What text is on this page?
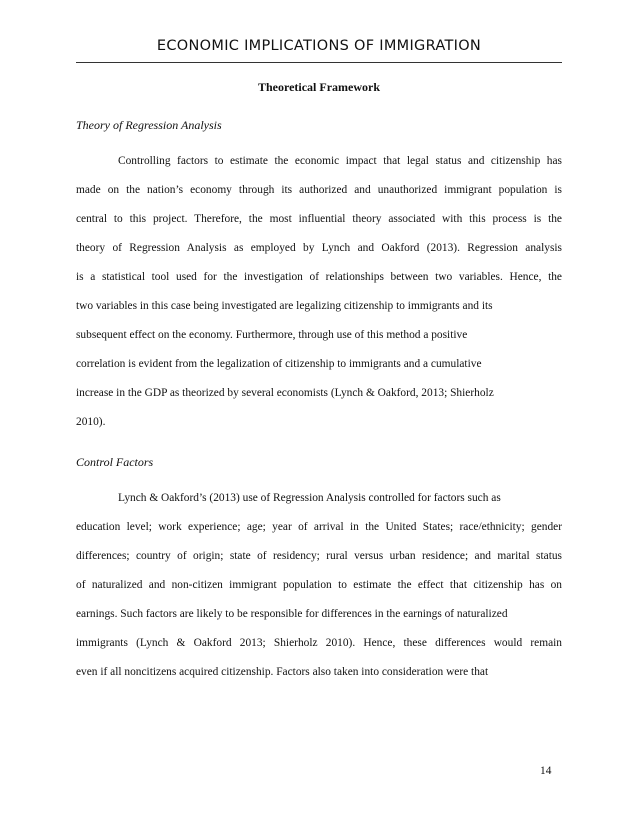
ECONOMIC IMPLICATIONS OF IMMIGRATION
Theoretical Framework
Theory of Regression Analysis
Controlling factors to estimate the economic impact that legal status and citizenship has
made on the nation’s economy through its authorized and unauthorized immigrant population is
central to this project. Therefore, the most influential theory associated with this process is the
theory of Regression Analysis as employed by Lynch and Oakford (2013). Regression analysis
is a statistical tool used for the investigation of relationships between two variables. Hence, the
two variables in this case being investigated are legalizing citizenship to immigrants and its
subsequent effect on the economy. Furthermore, through use of this method a positive
correlation is evident from the legalization of citizenship to immigrants and a cumulative
increase in the GDP as theorized by several economists (Lynch & Oakford, 2013; Shierholz
2010).
Control Factors
Lynch & Oakford’s (2013) use of Regression Analysis controlled for factors such as
education level; work experience; age; year of arrival in the United States; race/ethnicity; gender
differences; country of origin; state of residency; rural versus urban residence; and marital status
of naturalized and non-citizen immigrant population to estimate the effect that citizenship has on
earnings. Such factors are likely to be responsible for differences in the earnings of naturalized
immigrants (Lynch & Oakford 2013; Shierholz 2010). Hence, these differences would remain
even if all noncitizens acquired citizenship. Factors also taken into consideration were that
14
